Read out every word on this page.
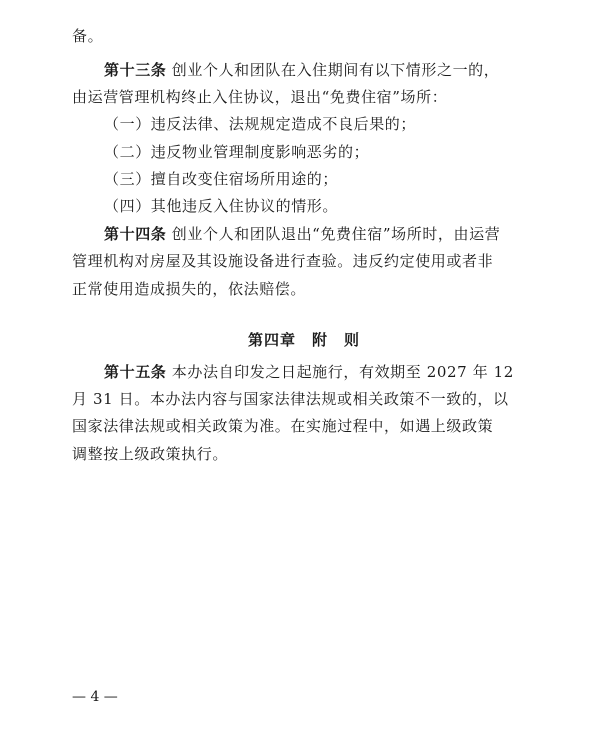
备。
第十三条 创业个人和团队在入住期间有以下情形之一的，
由运营管理机构终止入住协议，退出“免费住宿”场所：
（一）违反法律、法规规定造成不良后果的；
（二）违反物业管理制度影响恶劣的；
（三）擅自改变住宿场所用途的；
（四）其他违反入住协议的情形。
第十四条 创业个人和团队退出“免费住宿”场所时，由运营
管理机构对房屋及其设施设备进行查验。违反约定使用或者非
正常使用造成损失的，依法赔偿。
第四章　附　则
第十五条 本办法自印发之日起施行，有效期至 2027 年 12
月 31 日。本办法内容与国家法律法规或相关政策不一致的，以
国家法律法规或相关政策为准。在实施过程中，如遇上级政策
调整按上级政策执行。
— 4 —
